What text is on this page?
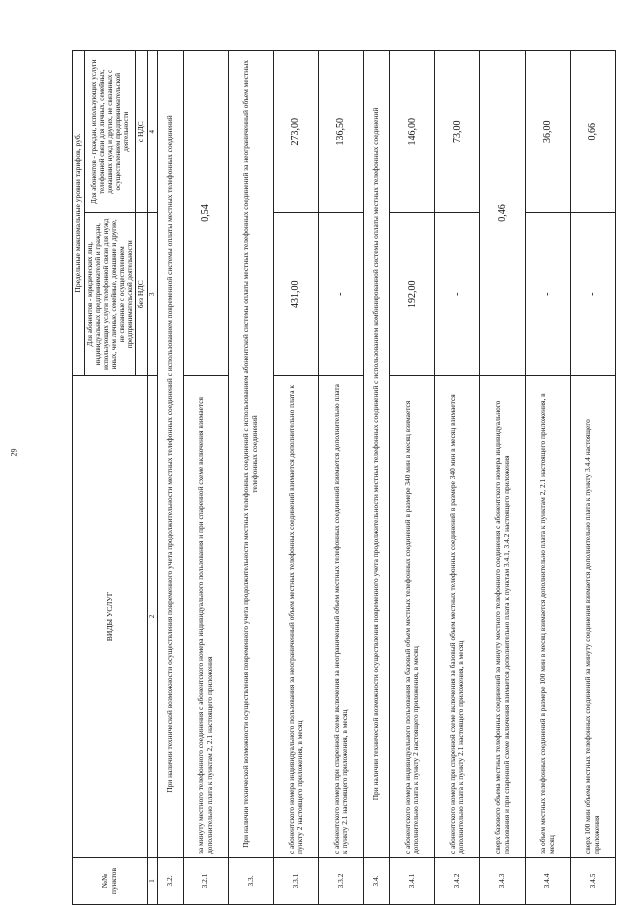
29
№№ пунктов	ВИДЫ УСЛУГ	Предельные максимальные уровни тарифов, руб.	
		Для абонентов - юридических лиц, индивидуальных предпринимателей и граждан, использующих услуги телефонной связи для нужд иных, чем личные, семейные, домашние и другие, не связанные с осуществлением предпринимательской деятельности	Для абонентов - граждан, использующих услуги телефонной связи для личных, семейных, домашних нужд и других, не связанных с осуществлением предпринимательской деятельности
		без НДС	с НДС
1	2	3	4
3.2.	При наличии технической возможности осуществления повременного учета продолжительности местных телефонных соединений с использованием повременной системы оплаты местных телефонных соединений		
3.2.1	за минуту местного телефонного соединения с абонентского номера индивидуального пользования и при спаренной схеме включения взимается дополнительно плата к пунктам 2, 2.1 настоящего приложения	0,54	
3.3.	При наличии технической возможности осуществления повременного учета продолжительности местных телефонных соединений с использованием абонентской системы оплаты местных телефонных соединений за неограниченный объем местных телефонных соединений		
3.3.1	с абонентского номера индивидуального пользования за неограниченный объем местных телефонных соединений взимается дополнительно плата к пункту 2 настоящего приложения, в месяц	431,00	273,00
3.3.2	с абонентского номера при спаренной схеме включения за неограниченный объем местных телефонных соединений взимается дополнительно плата к пункту 2.1 настоящего приложения, в месяц	-	136,50
3.4.	При наличии технической возможности осуществления повременного учета продолжительности местных телефонных соединений с использованием комбинированной системы оплаты местных телефонных соединений		
3.4.1	с абонентского номера индивидуального пользования за базовый объем местных телефонных соединений в размере 340 мин в месяц взимается дополнительно плата к пункту 2 настоящего приложения, в месяц	192,00	146,00
3.4.2	с абонентского номера при спаренной схеме включения за базовый объем местных телефонных соединений в размере 340 мин в месяц взимается дополнительно плата к пункту 2.1 настоящего приложения, в месяц	-	73,00
3.4.3	сверх базового объема местных телефонных соединений за минуту местного телефонного соединения с абонентского номера индивидуального пользования и при спаренной схеме включения взимается дополнительно плата к пунктам 3.4.1, 3.4.2 настоящего приложения	0,46	
3.4.4	за объем местных телефонных соединений в размере 100 мин в месяц взимается дополнительно плата к пунктам 2, 2.1 настоящего приложения, в месяц	-	36,00
3.4.5	сверх 100 мин объема местных телефонных соединений за минуту соединения взимается дополнительно плата к пункту 3.4.4 настоящего приложения	-	0,66
